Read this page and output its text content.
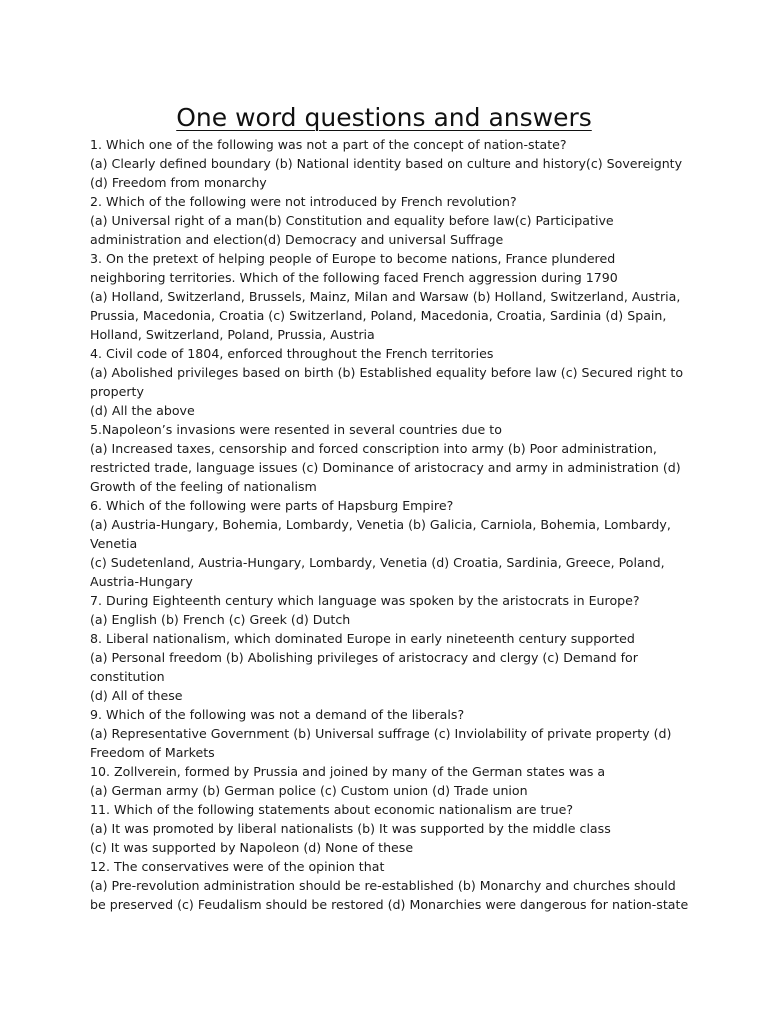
One word questions and answers
1. Which one of the following was not a part of the concept of nation-state?
(a) Clearly defined boundary (b) National identity based on culture and history(c) Sovereignty
(d) Freedom from monarchy
2. Which of the following were not introduced by French revolution?
(a) Universal right of a man(b) Constitution and equality before law(c) Participative
administration and election(d) Democracy and universal Suffrage
3. On the pretext of helping people of Europe to become nations, France plundered
neighboring territories. Which of the following faced French aggression during 1790
(a) Holland, Switzerland, Brussels, Mainz, Milan and Warsaw (b) Holland, Switzerland, Austria,
Prussia, Macedonia, Croatia (c) Switzerland, Poland, Macedonia, Croatia, Sardinia (d) Spain,
Holland, Switzerland, Poland, Prussia, Austria
4. Civil code of 1804, enforced throughout the French territories
(a) Abolished privileges based on birth (b) Established equality before law (c) Secured right to
property
(d) All the above
5.Napoleon’s invasions were resented in several countries due to
(a) Increased taxes, censorship and forced conscription into army (b) Poor administration,
restricted trade, language issues (c) Dominance of aristocracy and army in administration (d)
Growth of the feeling of nationalism
6. Which of the following were parts of Hapsburg Empire?
(a) Austria-Hungary, Bohemia, Lombardy, Venetia (b) Galicia, Carniola, Bohemia, Lombardy,
Venetia
(c) Sudetenland, Austria-Hungary, Lombardy, Venetia (d) Croatia, Sardinia, Greece, Poland,
Austria-Hungary
7. During Eighteenth century which language was spoken by the aristocrats in Europe?
(a) English (b) French (c) Greek (d) Dutch
8. Liberal nationalism, which dominated Europe in early nineteenth century supported
(a) Personal freedom (b) Abolishing privileges of aristocracy and clergy (c) Demand for
constitution
(d) All of these
9. Which of the following was not a demand of the liberals?
(a) Representative Government (b) Universal suffrage (c) Inviolability of private property (d)
Freedom of Markets
10. Zollverein, formed by Prussia and joined by many of the German states was a
(a) German army (b) German police (c) Custom union (d) Trade union
11. Which of the following statements about economic nationalism are true?
(a) It was promoted by liberal nationalists (b) It was supported by the middle class
(c) It was supported by Napoleon (d) None of these
12. The conservatives were of the opinion that
(a) Pre-revolution administration should be re-established (b) Monarchy and churches should
be preserved (c) Feudalism should be restored (d) Monarchies were dangerous for nation-state
